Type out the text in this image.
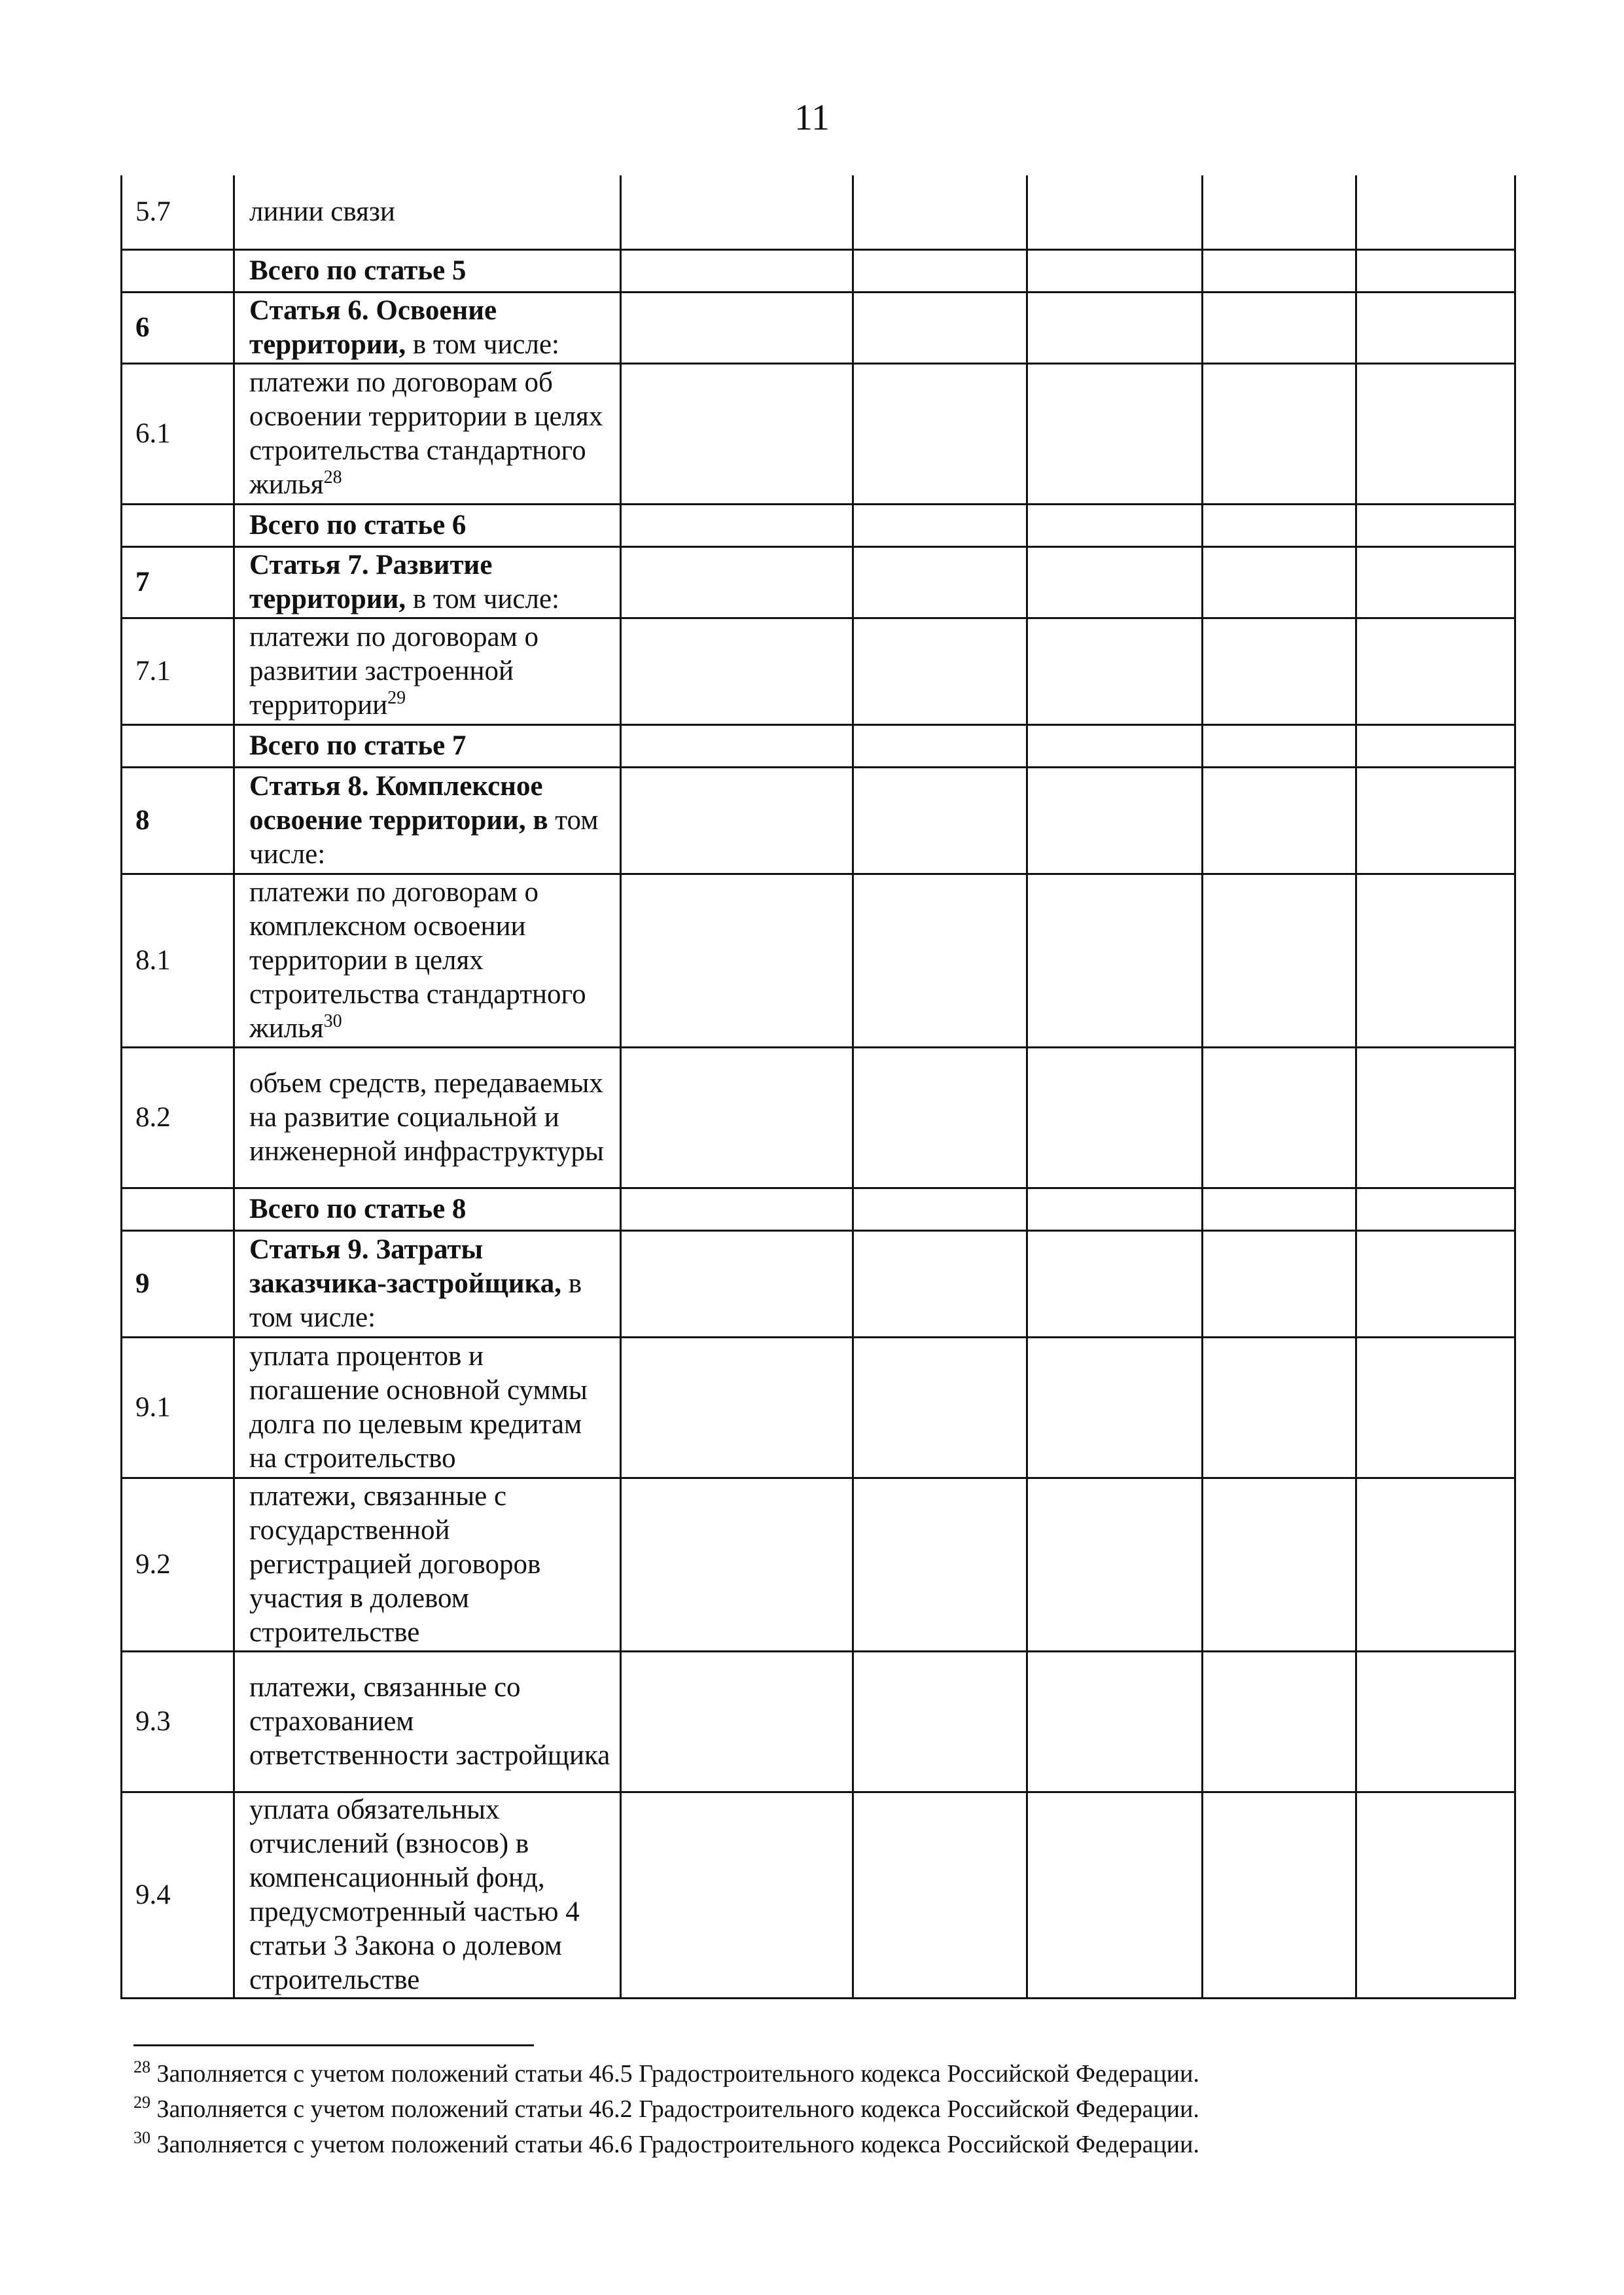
11
5.7	линии связи					
	Всего по статье 5					
6	Статья 6. Освоение территории, в том числе:					
6.1	платежи по договорам об освоении территории в целях строительства стандартного жилья$^{28}$					
	Всего по статье 6					
7	Статья 7. Развитие территории, в том числе:					
7.1	платежи по договорам о развитии застроенной территории$^{29}$					
	Всего по статье 7					
8	Статья 8. Комплексное освоение территории, в том числе:					
8.1	платежи по договорам о комплексном освоении территории в целях строительства стандартного жилья$^{30}$					
8.2	объем средств, передаваемых на развитие социальной и инженерной инфраструктуры					
	Всего по статье 8					
9	Статья 9. Затраты заказчика-застройщика, в том числе:					
9.1	уплата процентов и погашение основной суммы долга по целевым кредитам на строительство					
9.2	платежи, связанные с государственной регистрацией договоров участия в долевом строительстве					
9.3	платежи, связанные со страхованием ответственности застройщика					
9.4	уплата обязательных отчислений (взносов) в компенсационный фонд, предусмотренный частью 4 статьи 3 Закона о долевом строительстве					

$^{28}$ Заполняется с учетом положений статьи 46.5 Градостроительного кодекса Российской Федерации.

$^{29}$ Заполняется с учетом положений статьи 46.2 Градостроительного кодекса Российской Федерации.

$^{30}$ Заполняется с учетом положений статьи 46.6 Градостроительного кодекса Российской Федерации.
